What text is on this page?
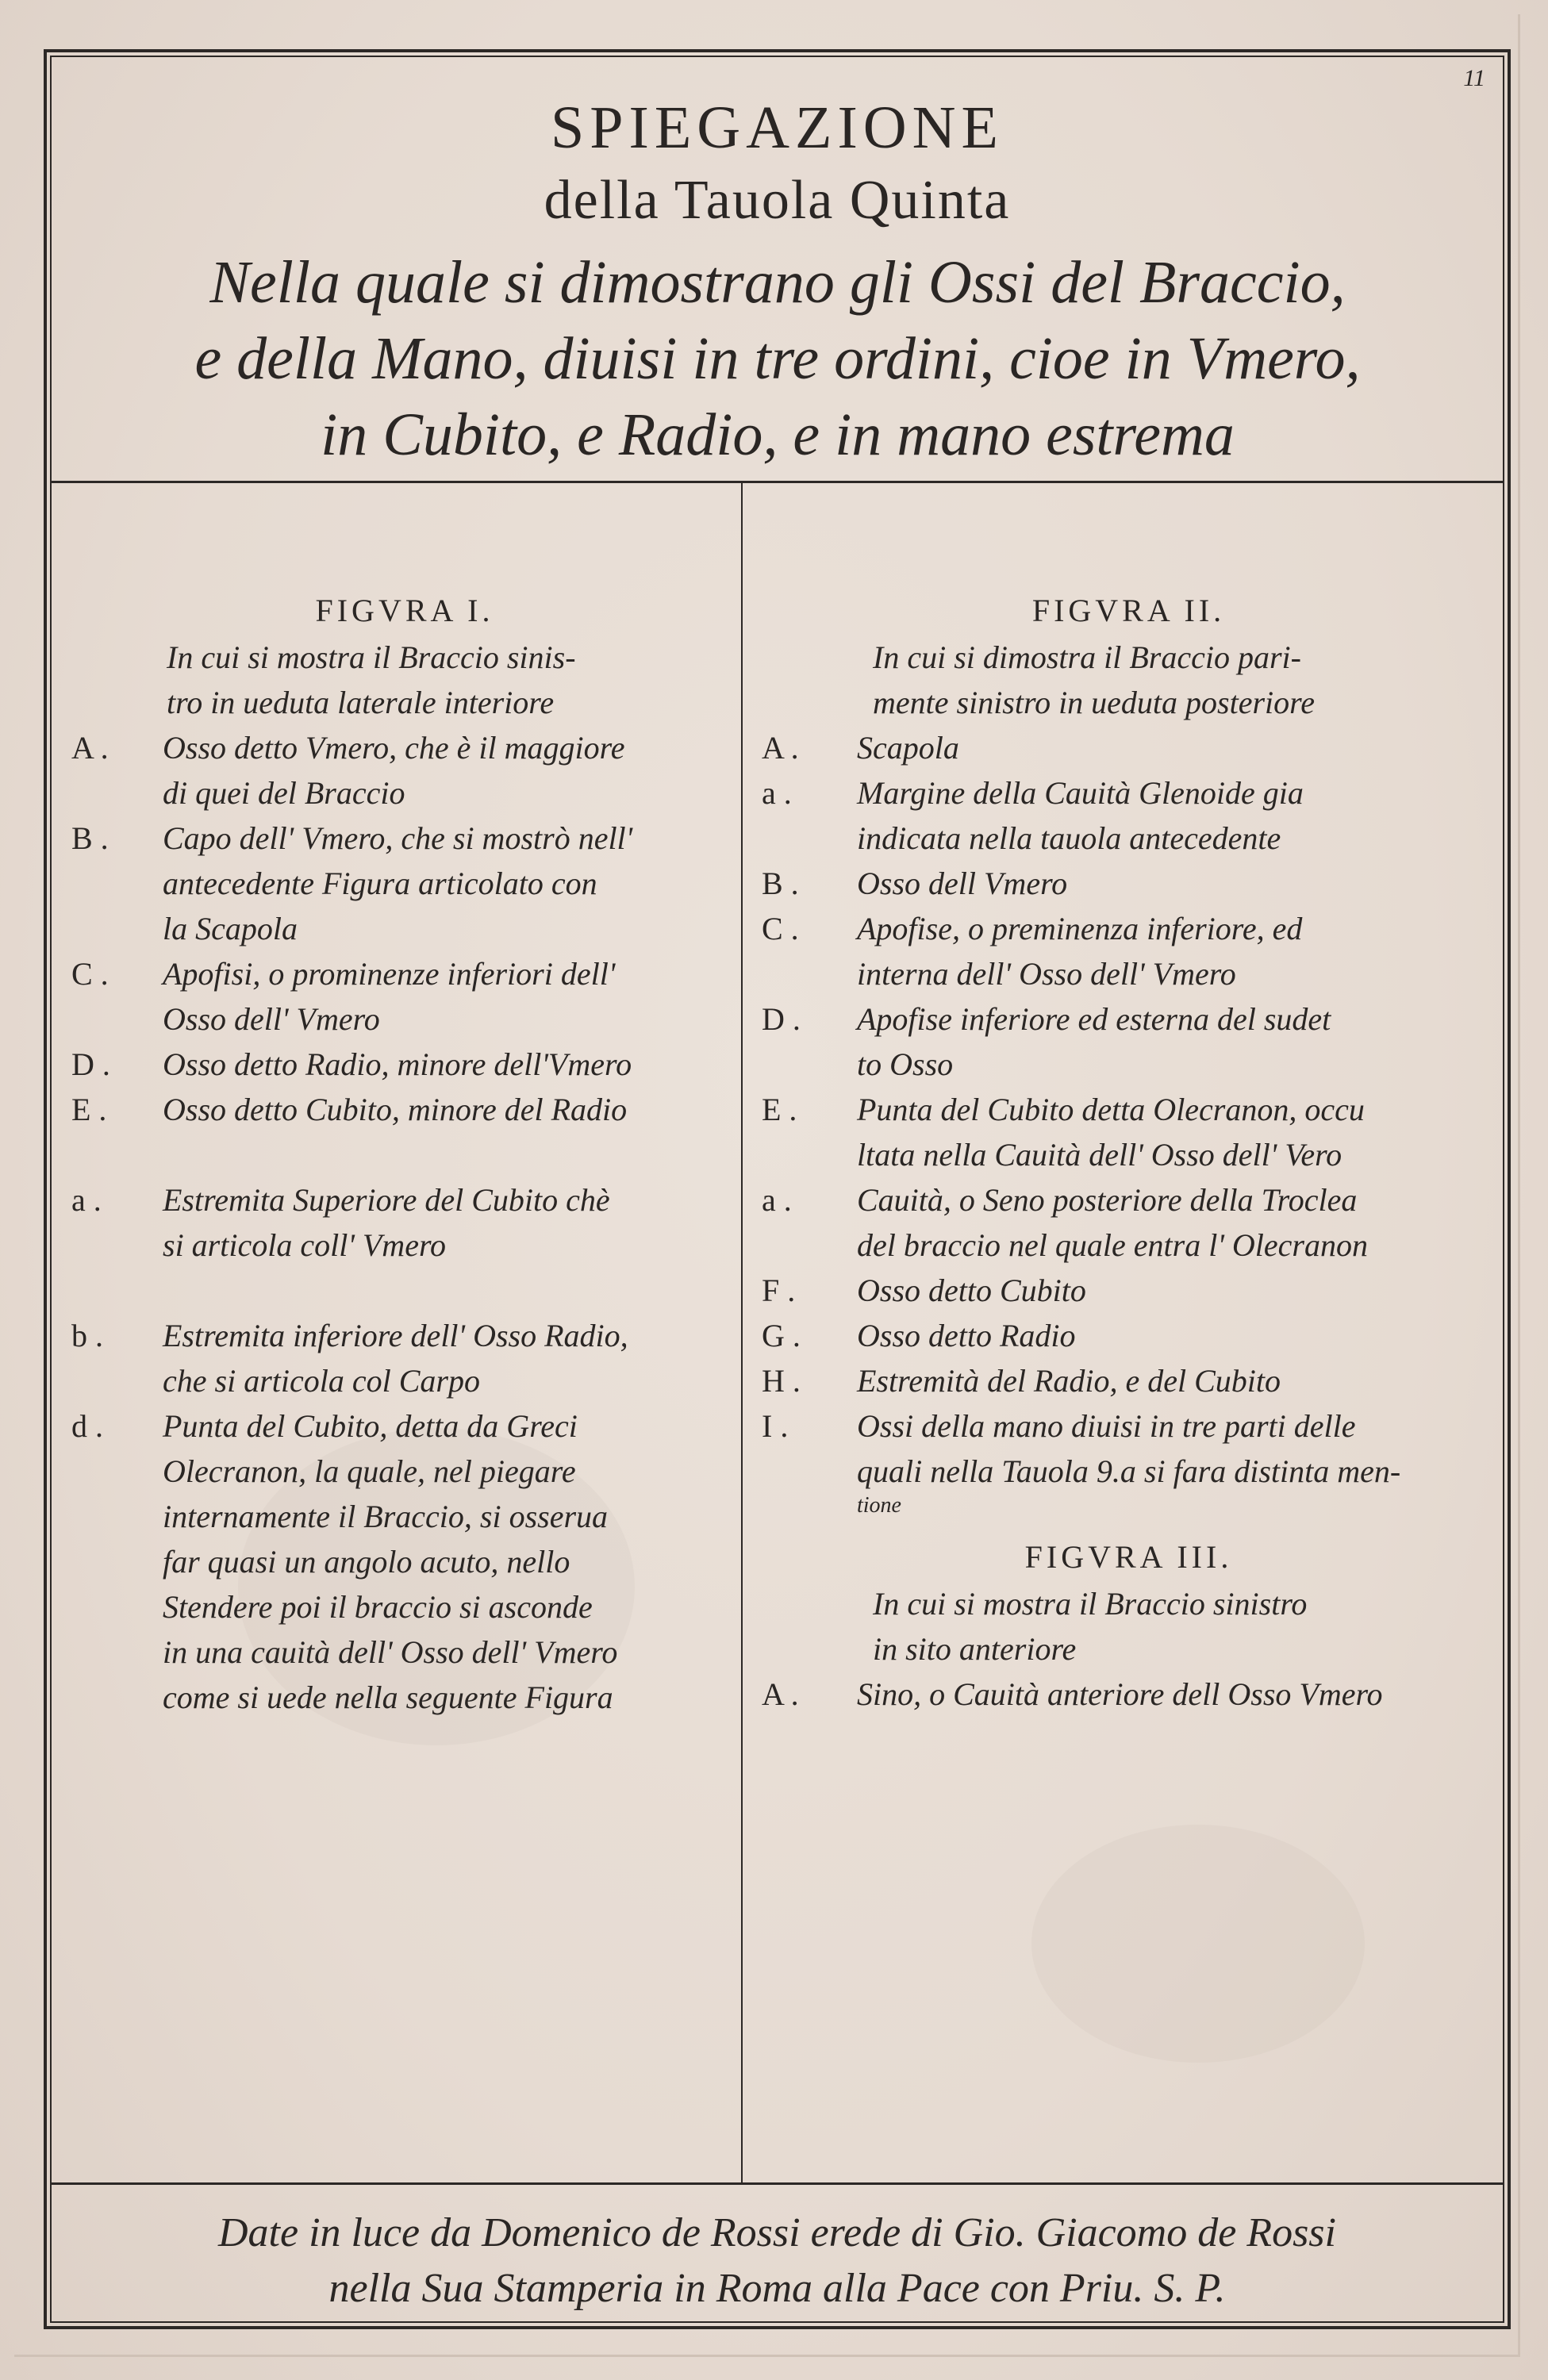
11
SPIEGAZIONE
della Tauola Quinta
Nella quale si dimostrano gli Ossi del Braccio,
e della Mano, diuisi in tre ordini, cioe in Vmero,
in Cubito, e Radio, e in mano estrema
FIGVRA I.
In cui si mostra il Braccio sinis-
tro in ueduta laterale interiore
A .	Osso detto Vmero, che è il maggiore
di quei del Braccio
B .	Capo dell' Vmero, che si mostrò nell'
antecedente Figura articolato con
la Scapola
C .	Apofisi, o prominenze inferiori dell'
Osso dell' Vmero
D .	Osso detto Radio, minore dell'Vmero
E .	Osso detto Cubito, minore del Radio
a .	Estremita Superiore del Cubito chè
si articola coll' Vmero
b .	Estremita inferiore dell' Osso Radio,
che si articola col Carpo
d .	Punta del Cubito, detta da Greci
Olecranon, la quale, nel piegare
internamente il Braccio, si osserua
far quasi un angolo acuto, nello
Stendere poi il braccio si asconde
in una cauità dell' Osso dell' Vmero
come si uede nella seguente Figura
FIGVRA II.
In cui si dimostra il Braccio pari-
mente sinistro in ueduta posteriore
A .	Scapola
a .	Margine della Cauità Glenoide gia
indicata nella tauola antecedente
B .	Osso dell Vmero
C .	Apofise, o preminenza inferiore, ed
interna dell' Osso dell' Vmero
D .	Apofise inferiore ed esterna del sudet
to Osso
E .	Punta del Cubito detta Olecranon, occu
ltata nella Cauità dell' Osso dell' Vero
a .	Cauità, o Seno posteriore della Troclea
del braccio nel quale entra l' Olecranon
F .	Osso detto Cubito
G .	Osso detto Radio
H .	Estremità del Radio, e del Cubito
I .	Ossi della mano diuisi in tre parti delle
quali nella Tauola 9.a si fara distinta men-
tione
FIGVRA III.
In cui si mostra il Braccio sinistro
in sito anteriore
A .	Sino, o Cauità anteriore dell Osso Vmero
Date in luce da Domenico de Rossi erede di Gio. Giacomo de Rossi
nella Sua Stamperia in Roma alla Pace con Priu. S. P.
